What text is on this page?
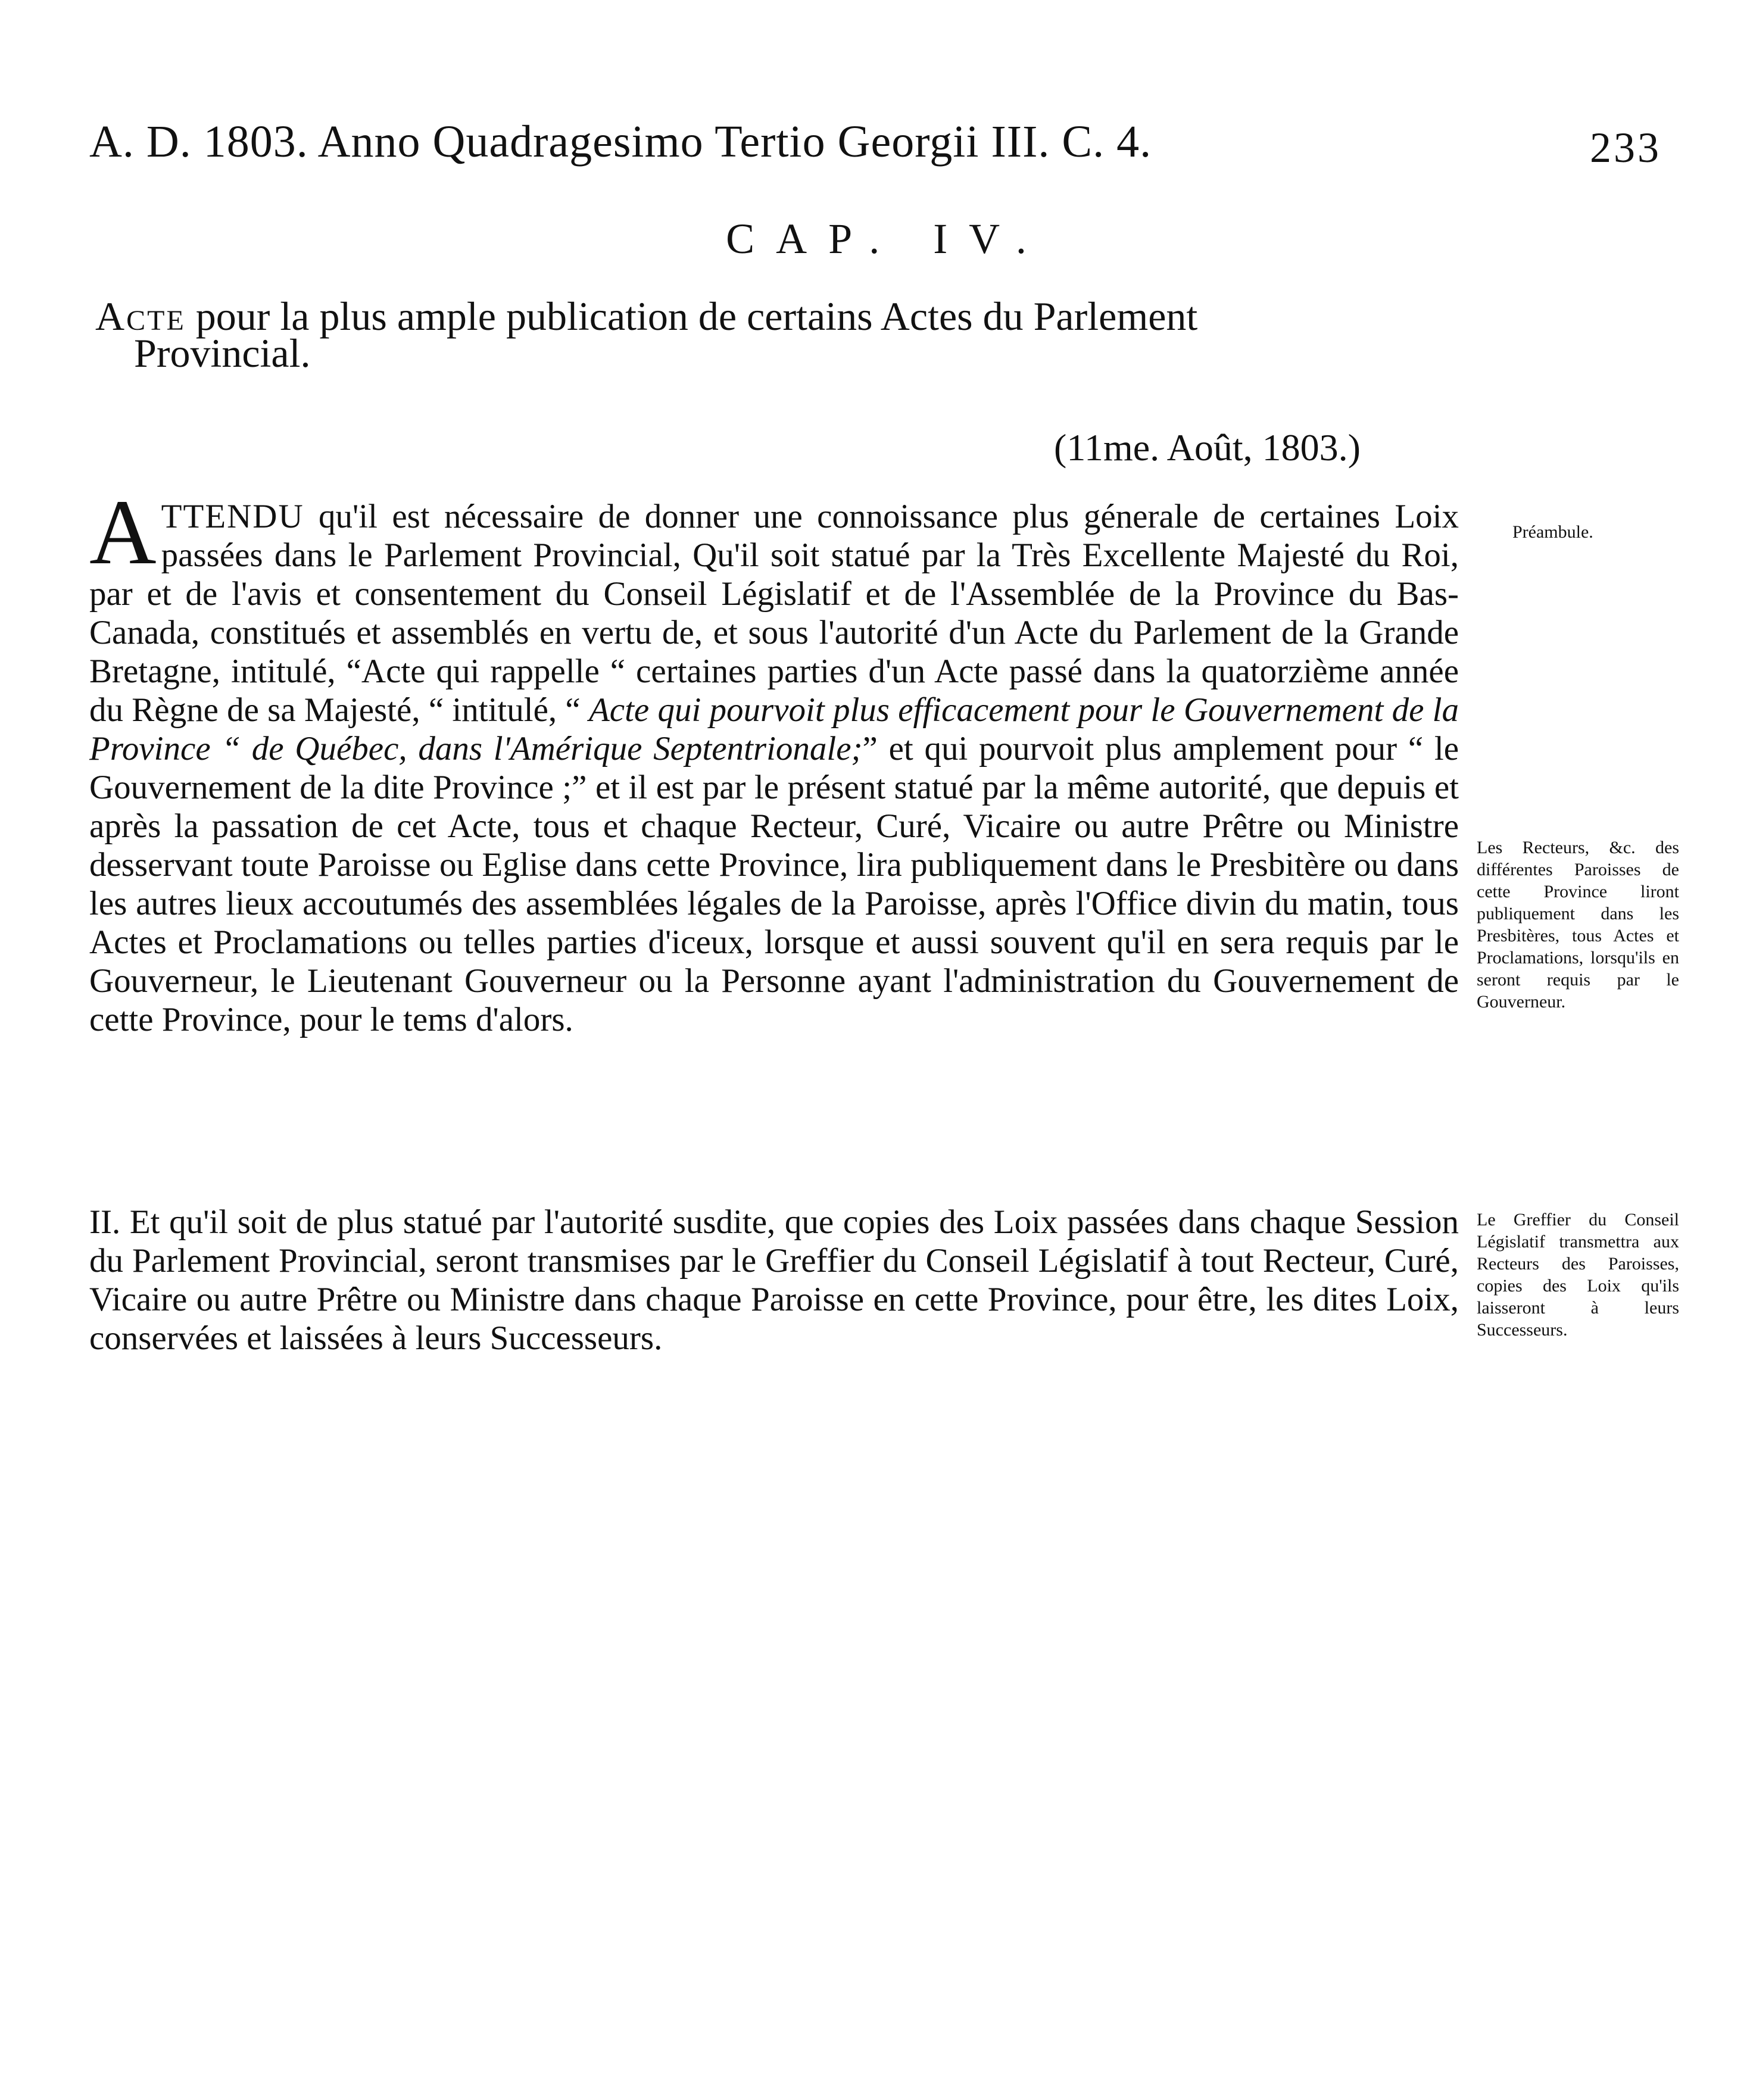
A. D. 1803. Anno Quadragesimo Tertio Georgii III. C. 4.	233
CAP. IV.
Acte pour la plus ample publication de certains Actes du Parlement
Provincial.
(11me. Août, 1803.)
ATTENDU qu'il est nécessaire de donner une connoissance plus génerale de certaines Loix passées dans le Parlement Provincial, Qu'il soit statué par la Très Excellente Majesté du Roi, par et de l'avis et consentement du Conseil Législatif et de l'Assemblée de la Province du Bas-Canada, constitués et assemblés en vertu de, et sous l'autorité d'un Acte du Parlement de la Grande Bretagne, intitulé, “Acte qui rappelle “ certaines parties d'un Acte passé dans la quatorzième année du Règne de sa Majesté, “ intitulé, “ Acte qui pourvoit plus efficacement pour le Gouvernement de la Province “ de Québec, dans l'Amérique Septentrionale;” et qui pourvoit plus amplement pour “ le Gouvernement de la dite Province ;” et il est par le présent statué par la même autorité, que depuis et après la passation de cet Acte, tous et chaque Recteur, Curé, Vicaire ou autre Prêtre ou Ministre desservant toute Paroisse ou Eglise dans cette Province, lira publiquement dans le Presbitère ou dans les autres lieux accoutumés des assemblées légales de la Paroisse, après l'Office divin du matin, tous Actes et Proclamations ou telles parties d'iceux, lorsque et aussi souvent qu'il en sera requis par le Gouverneur, le Lieutenant Gouverneur ou la Personne ayant l'administration du Gouvernement de cette Province, pour le tems d'alors.
II. Et qu'il soit de plus statué par l'autorité susdite, que copies des Loix passées dans chaque Session du Parlement Provincial, seront transmises par le Greffier du Conseil Législatif à tout Recteur, Curé, Vicaire ou autre Prêtre ou Ministre dans chaque Paroisse en cette Province, pour être, les dites Loix, conservées et laissées à leurs Successeurs.
Préambule.
Les Recteurs, &c. des différentes Paroisses de cette Province liront publiquement dans les Presbitères, tous Actes et Proclamations, lorsqu'ils en seront requis par le Gouverneur.
Le Greffier du Conseil Législatif transmettra aux Recteurs des Paroisses, copies des Loix qu'ils laisseront à leurs Successeurs.
